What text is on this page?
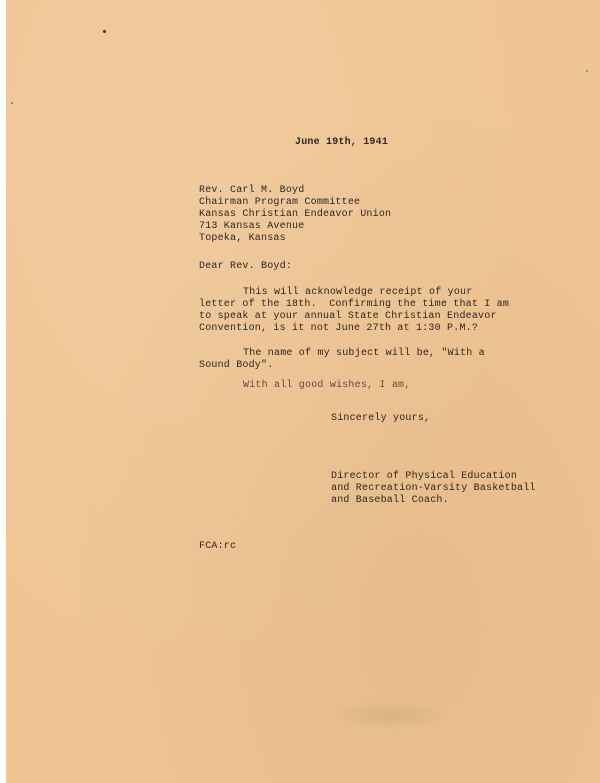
June 19th, 1941
Rev. Carl M. Boyd
Chairman Program Committee
Kansas Christian Endeavor Union
713 Kansas Avenue
Topeka, Kansas
Dear Rev. Boyd:
This will acknowledge receipt of your
letter of the 18th.  Confirming the time that I am
to speak at your annual State Christian Endeavor
Convention, is it not June 27th at 1:30 P.M.?
The name of my subject will be, "With a
Sound Body".
With all good wishes, I am,
Sincerely yours,
Director of Physical Education
and Recreation-Varsity Basketball
and Baseball Coach.
FCA:rc
